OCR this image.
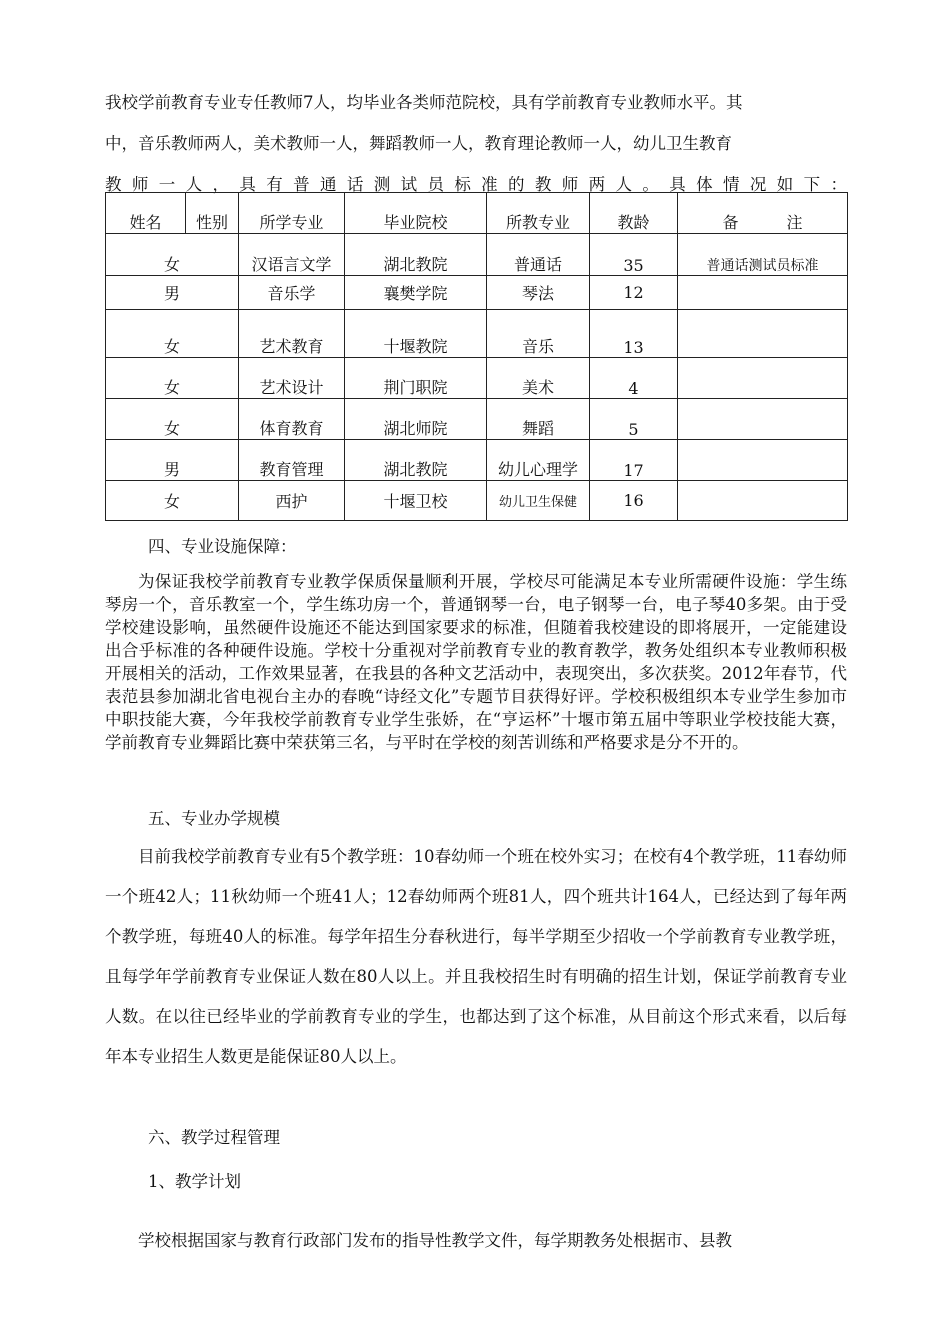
我校学前教育专业专任教师7人，均毕业各类师范院校，具有学前教育专业教师水平。其
中，音乐教师两人，美术教师一人，舞蹈教师一人，教育理论教师一人，幼儿卫生教育
教师一人，具有普通话测试员标准的教师两人。具体情况如下：
姓名	性别	所学专业	毕业院校	所教专业	教龄	备　　　注
女		汉语言文学	湖北教院	普通话	35	普通话测试员标准
男		音乐学	襄樊学院	琴法	12	
女		艺术教育	十堰教院	音乐	13	
女		艺术设计	荆门职院	美术	4	
女		体育教育	湖北师院	舞蹈	5	
男		教育管理	湖北教院	幼儿心理学	17	
女		西护	十堰卫校	幼儿卫生保健	16	

四、专业设施保障：

为保证我校学前教育专业教学保质保量顺利开展，学校尽可能满足本专业所需硬件设施：学生练琴房一个，音乐教室一个，学生练功房一个，普通钢琴一台，电子钢琴一台，电子琴40多架。由于受学校建设影响，虽然硬件设施还不能达到国家要求的标准，但随着我校建设的即将展开，一定能建设出合乎标准的各种硬件设施。学校十分重视对学前教育专业的教育教学，教务处组织本专业教师积极开展相关的活动，工作效果显著，在我县的各种文艺活动中，表现突出，多次获奖。2012年春节，代表范县参加湖北省电视台主办的春晚“诗经文化”专题节目获得好评。学校积极组织本专业学生参加市中职技能大赛，今年我校学前教育专业学生张娇，在“亨运杯”十堰市第五届中等职业学校技能大赛，学前教育专业舞蹈比赛中荣获第三名，与平时在学校的刻苦训练和严格要求是分不开的。

五、专业办学规模

目前我校学前教育专业有5个教学班：10春幼师一个班在校外实习；在校有4个教学班，11春幼师一个班42人；11秋幼师一个班41人；12春幼师两个班81人，四个班共计164人，已经达到了每年两个教学班，每班40人的标准。每学年招生分春秋进行，每半学期至少招收一个学前教育专业教学班，且每学年学前教育专业保证人数在80人以上。并且我校招生时有明确的招生计划，保证学前教育专业人数。在以往已经毕业的学前教育专业的学生，也都达到了这个标准，从目前这个形式来看，以后每年本专业招生人数更是能保证80人以上。

六、教学过程管理

1、教学计划

学校根据国家与教育行政部门发布的指导性教学文件，每学期教务处根据市、县教
